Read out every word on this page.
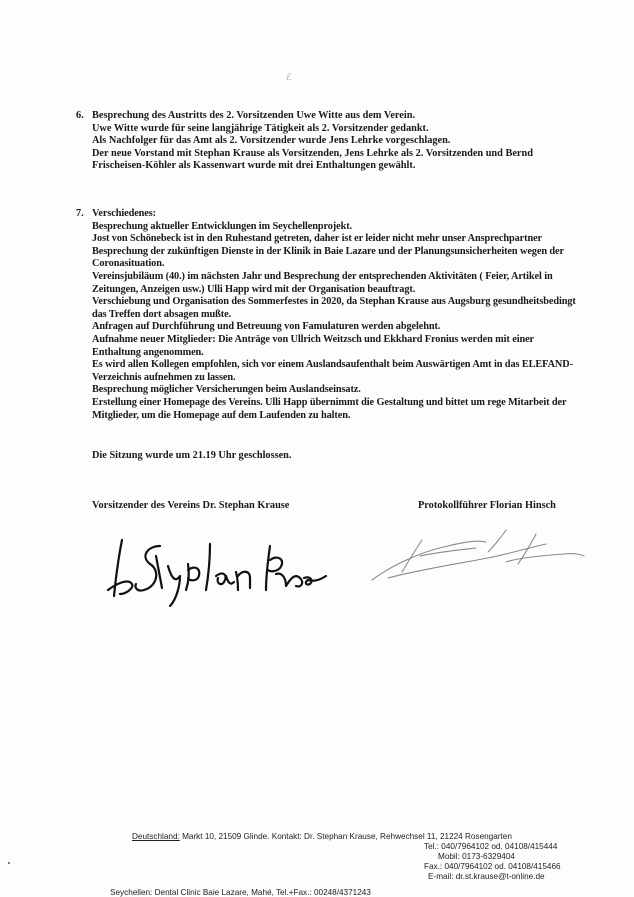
ℰ
6. Besprechung des Austritts des 2. Vorsitzenden Uwe Witte aus dem Verein.
Uwe Witte wurde für seine langjährige Tätigkeit als 2. Vorsitzender gedankt.
Als Nachfolger für das Amt als 2. Vorsitzender wurde Jens Lehrke vorgeschlagen.
Der neue Vorstand mit Stephan Krause als Vorsitzenden, Jens Lehrke als 2. Vorsitzenden und Bernd
Frischeisen-Köhler als Kassenwart wurde mit drei Enthaltungen gewählt.
7. Verschiedenes:
Besprechung aktueller Entwicklungen im Seychellenprojekt.
Jost von Schönebeck ist in den Ruhestand getreten, daher ist er leider nicht mehr unser Ansprechpartner
Besprechung der zukünftigen Dienste in der Klinik in Baie Lazare und der Planungsunsicherheiten wegen der
Coronasituation.
Vereinsjubiläum (40.) im nächsten Jahr und Besprechung der entsprechenden Aktivitäten ( Feier, Artikel in
Zeitungen, Anzeigen usw.) Ulli Happ wird mit der Organisation beauftragt.
Verschiebung und Organisation des Sommerfestes in 2020, da Stephan Krause aus Augsburg gesundheitsbedingt
das Treffen dort absagen mußte.
Anfragen auf Durchführung und Betreuung von Famulaturen werden abgelehnt.
Aufnahme neuer Mitglieder: Die Anträge von Ullrich Weitzsch und Ekkhard Fronius werden mit einer
Enthaltung angenommen.
Es wird allen Kollegen empfohlen, sich vor einem Auslandsaufenthalt beim Auswärtigen Amt in das ELEFAND-
Verzeichnis aufnehmen zu lassen.
Besprechung möglicher Versicherungen beim Auslandseinsatz.
Erstellung einer Homepage des Vereins. Ulli Happ übernimmt die Gestaltung und bittet um rege Mitarbeit der
Mitglieder, um die Homepage auf dem Laufenden zu halten.
Die Sitzung wurde um 21.19 Uhr geschlossen.
Vorsitzender des Vereins Dr. Stephan Krause	Protokollführer Florian Hinsch
Deutschland: Markt 10, 21509 Glinde. Kontakt: Dr. Stephan Krause, Rehwechsel 11, 21224 Rosengarten
Tel.: 040/7964102 od. 04108/415444
Mobil: 0173-6329404
Fax.: 040/7964102 od. 04108/415466
E-mail: dr.st.krause@t-online.de
Seychellen: Dental Clinic Baie Lazare, Mahé, Tel.+Fax.: 00248/4371243
